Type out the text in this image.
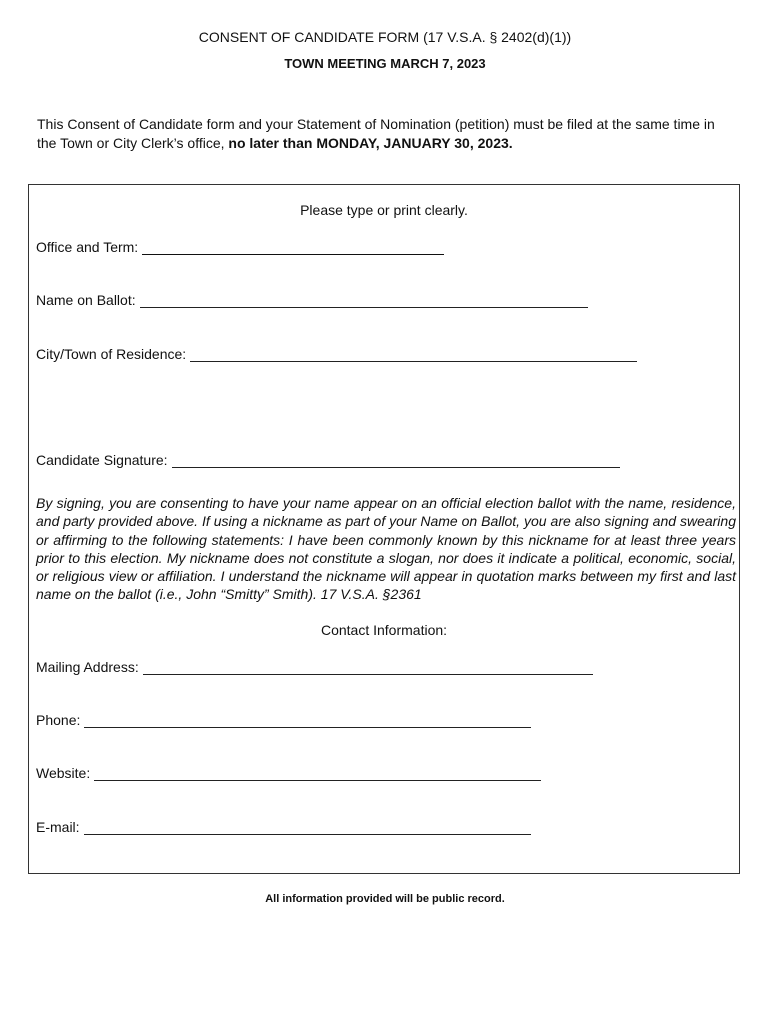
CONSENT OF CANDIDATE FORM (17 V.S.A. § 2402(d)(1))
TOWN MEETING MARCH 7, 2023
This Consent of Candidate form and your Statement of Nomination (petition) must be filed at the same time in the Town or City Clerk’s office, no later than MONDAY, JANUARY 30, 2023.
Please type or print clearly.
Office and Term:
Name on Ballot:
City/Town of Residence:
Candidate Signature:
By signing, you are consenting to have your name appear on an official election ballot with the name, residence, and party provided above. If using a nickname as part of your Name on Ballot, you are also signing and swearing or affirming to the following statements: I have been commonly known by this nickname for at least three years prior to this election. My nickname does not constitute a slogan, nor does it indicate a political, economic, social, or religious view or affiliation. I understand the nickname will appear in quotation marks between my first and last name on the ballot (i.e., John “Smitty” Smith). 17 V.S.A. §2361
Contact Information:
Mailing Address:
Phone:
Website:
E-mail:
All information provided will be public record.
